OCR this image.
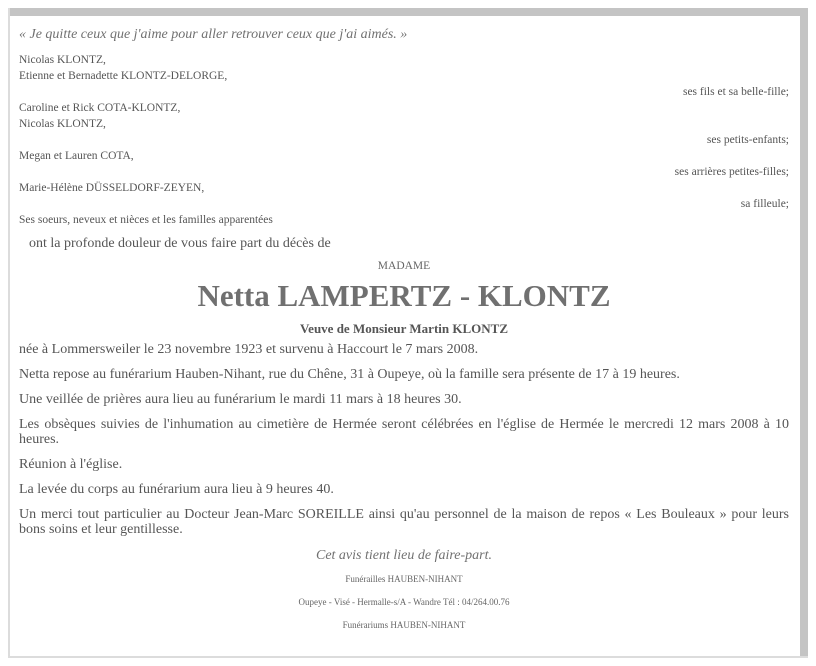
« Je quitte ceux que j'aime pour aller retrouver ceux que j'ai aimés. »
Nicolas KLONTZ,
Etienne et Bernadette KLONTZ-DELORGE,
ses fils et sa belle-fille;
Caroline et Rick COTA-KLONTZ,
Nicolas KLONTZ,
ses petits-enfants;
Megan et Lauren COTA,
ses arrières petites-filles;
Marie-Hélène DÜSSELDORF-ZEYEN,
sa filleule;
Ses soeurs, neveux et nièces et les familles apparentées
ont la profonde douleur de vous faire part du décès de
MADAME
Netta LAMPERTZ - KLONTZ
Veuve de Monsieur Martin KLONTZ

née à Lommersweiler le 23 novembre 1923 et survenu à Haccourt le 7 mars 2008.

Netta repose au funérarium Hauben-Nihant, rue du Chêne, 31 à Oupeye, où la famille sera présente de 17 à 19 heures.

Une veillée de prières aura lieu au funérarium le mardi 11 mars à 18 heures 30.

Les obsèques suivies de l'inhumation au cimetière de Hermée seront célébrées en l'église de Hermée le mercredi 12 mars 2008 à 10 heures.

Réunion à l'église.

La levée du corps au funérarium aura lieu à 9 heures 40.

Un merci tout particulier au Docteur Jean-Marc SOREILLE ainsi qu'au personnel de la maison de repos « Les Bouleaux » pour leurs bons soins et leur gentillesse.

Cet avis tient lieu de faire-part.
Funérailles HAUBEN-NIHANT
Oupeye - Visé - Hermalle-s/A - Wandre Tél : 04/264.00.76
Funérariums HAUBEN-NIHANT
